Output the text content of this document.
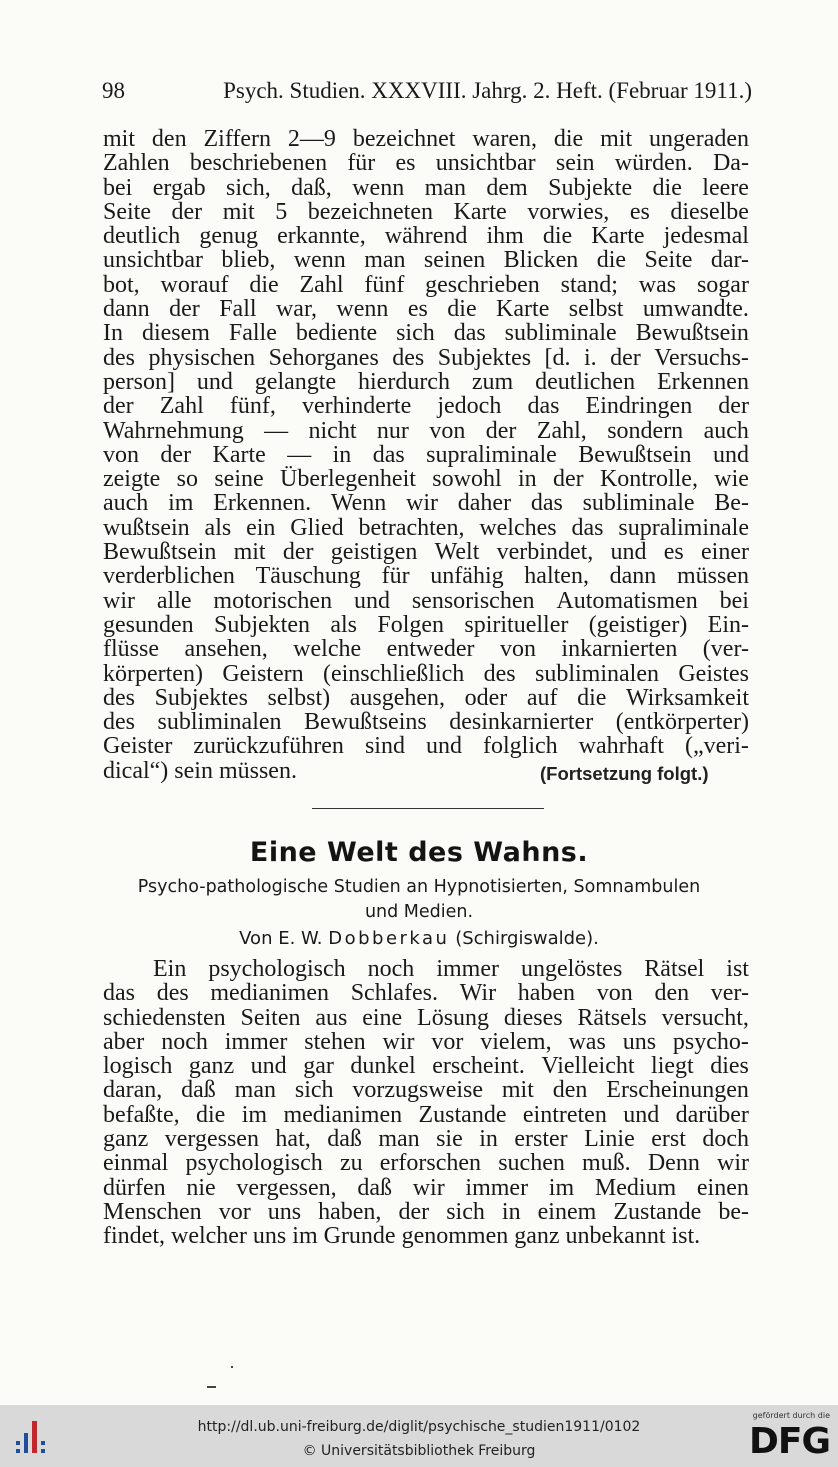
98	Psych. Studien. XXXVIII. Jahrg. 2. Heft. (Februar 1911.)
mit den Ziffern 2—9 bezeichnet waren, die mit ungeraden
Zahlen beschriebenen für es unsichtbar sein würden. Da-
bei ergab sich, daß, wenn man dem Subjekte die leere
Seite der mit 5 bezeichneten Karte vorwies, es dieselbe
deutlich genug erkannte, während ihm die Karte jedesmal
unsichtbar blieb, wenn man seinen Blicken die Seite dar-
bot, worauf die Zahl fünf geschrieben stand; was sogar
dann der Fall war, wenn es die Karte selbst umwandte.
In diesem Falle bediente sich das subliminale Bewußtsein
des physischen Sehorganes des Subjektes [d. i. der Versuchs-
person] und gelangte hierdurch zum deutlichen Erkennen
der Zahl fünf, verhinderte jedoch das Eindringen der
Wahrnehmung — nicht nur von der Zahl, sondern auch
von der Karte — in das supraliminale Bewußtsein und
zeigte so seine Überlegenheit sowohl in der Kontrolle, wie
auch im Erkennen. Wenn wir daher das subliminale Be-
wußtsein als ein Glied betrachten, welches das supraliminale
Bewußtsein mit der geistigen Welt verbindet, und es einer
verderblichen Täuschung für unfähig halten, dann müssen
wir alle motorischen und sensorischen Automatismen bei
gesunden Subjekten als Folgen spiritueller (geistiger) Ein-
flüsse ansehen, welche entweder von inkarnierten (ver-
körperten) Geistern (einschließlich des subliminalen Geistes
des Subjektes selbst) ausgehen, oder auf die Wirksamkeit
des subliminalen Bewußtseins desinkarnierter (entkörperter)
Geister zurückzuführen sind und folglich wahrhaft („veri-
dical“) sein müssen.	(Fortsetzung folgt.)
Eine Welt des Wahns.
Psycho-pathologische Studien an Hypnotisierten, Somnambulen
und Medien.
Von E. W. Dobberkau (Schirgiswalde).
Ein psychologisch noch immer ungelöstes Rätsel ist
das des medianimen Schlafes. Wir haben von den ver-
schiedensten Seiten aus eine Lösung dieses Rätsels versucht,
aber noch immer stehen wir vor vielem, was uns psycho-
logisch ganz und gar dunkel erscheint. Vielleicht liegt dies
daran, daß man sich vorzugsweise mit den Erscheinungen
befaßte, die im medianimen Zustande eintreten und darüber
ganz vergessen hat, daß man sie in erster Linie erst doch
einmal psychologisch zu erforschen suchen muß. Denn wir
dürfen nie vergessen, daß wir immer im Medium einen
Menschen vor uns haben, der sich in einem Zustande be-
findet, welcher uns im Grunde genommen ganz unbekannt ist.
http://dl.ub.uni-freiburg.de/diglit/psychische_studien1911/0102
© Universitätsbibliothek Freiburg
gefördert durch die
DFG
